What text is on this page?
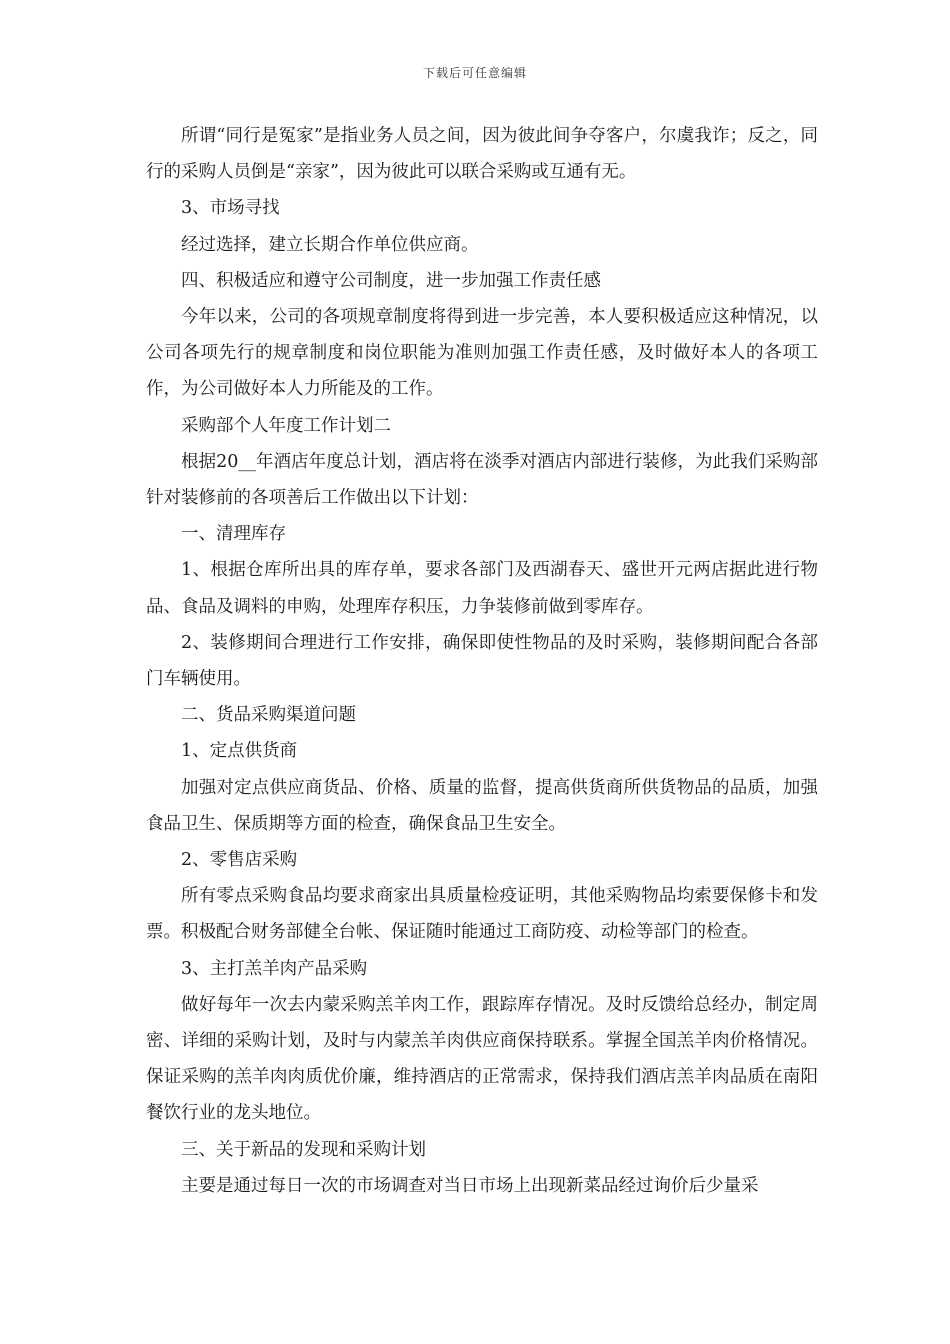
下载后可任意编辑

所谓“同行是冤家”是指业务人员之间，因为彼此间争夺客户，尔虞我诈；反之，同行的采购人员倒是“亲家”，因为彼此可以联合采购或互通有无。

3、市场寻找

经过选择，建立长期合作单位供应商。

四、积极适应和遵守公司制度，进一步加强工作责任感

今年以来，公司的各项规章制度将得到进一步完善，本人要积极适应这种情况，以公司各项先行的规章制度和岗位职能为准则加强工作责任感，及时做好本人的各项工作，为公司做好本人力所能及的工作。

采购部个人年度工作计划二

根据20__年酒店年度总计划，酒店将在淡季对酒店内部进行装修，为此我们采购部针对装修前的各项善后工作做出以下计划：

一、清理库存

1、根据仓库所出具的库存单，要求各部门及西湖春天、盛世开元两店据此进行物品、食品及调料的申购，处理库存积压，力争装修前做到零库存。

2、装修期间合理进行工作安排，确保即使性物品的及时采购，装修期间配合各部门车辆使用。

二、货品采购渠道问题

1、定点供货商

加强对定点供应商货品、价格、质量的监督，提高供货商所供货物品的品质，加强食品卫生、保质期等方面的检查，确保食品卫生安全。

2、零售店采购

所有零点采购食品均要求商家出具质量检疫证明，其他采购物品均索要保修卡和发票。积极配合财务部健全台帐、保证随时能通过工商防疫、动检等部门的检查。

3、主打羔羊肉产品采购

做好每年一次去内蒙采购羔羊肉工作，跟踪库存情况。及时反馈给总经办，制定周密、详细的采购计划，及时与内蒙羔羊肉供应商保持联系。掌握全国羔羊肉价格情况。保证采购的羔羊肉肉质优价廉，维持酒店的正常需求，保持我们酒店羔羊肉品质在南阳餐饮行业的龙头地位。

三、关于新品的发现和采购计划

主要是通过每日一次的市场调查对当日市场上出现新菜品经过询价后少量采
